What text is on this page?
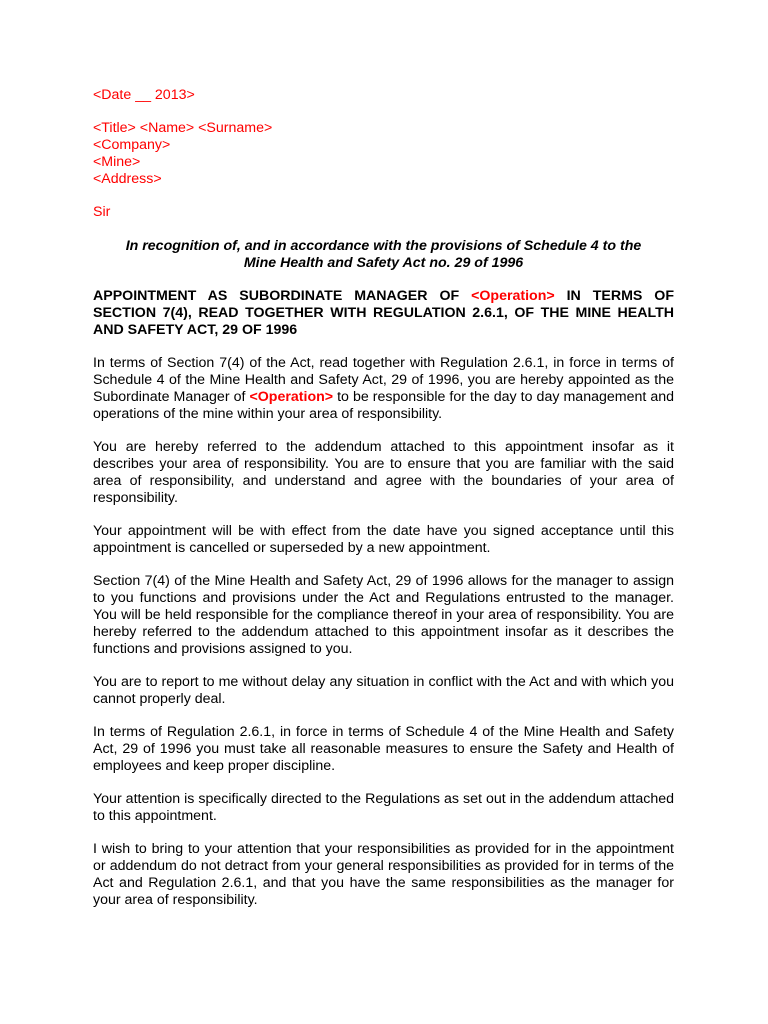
<Date __ 2013>
<Title> <Name> <Surname>
<Company>
<Mine>
<Address>
Sir
In recognition of, and in accordance with the provisions of Schedule 4 to the
Mine Health and Safety Act no. 29 of 1996
APPOINTMENT AS SUBORDINATE MANAGER OF <Operation> IN TERMS OF SECTION 7(4), READ TOGETHER WITH REGULATION 2.6.1, OF THE MINE HEALTH AND SAFETY ACT, 29 OF 1996

In terms of Section 7(4) of the Act, read together with Regulation 2.6.1, in force in terms of Schedule 4 of the Mine Health and Safety Act, 29 of 1996, you are hereby appointed as the Subordinate Manager of <Operation> to be responsible for the day to day management and operations of the mine within your area of responsibility.

You are hereby referred to the addendum attached to this appointment insofar as it describes your area of responsibility. You are to ensure that you are familiar with the said area of responsibility, and understand and agree with the boundaries of your area of responsibility.

Your appointment will be with effect from the date have you signed acceptance until this appointment is cancelled or superseded by a new appointment.

Section 7(4) of the Mine Health and Safety Act, 29 of 1996 allows for the manager to assign to you functions and provisions under the Act and Regulations entrusted to the manager. You will be held responsible for the compliance thereof in your area of responsibility. You are hereby referred to the addendum attached to this appointment insofar as it describes the functions and provisions assigned to you.

You are to report to me without delay any situation in conflict with the Act and with which you cannot properly deal.

In terms of Regulation 2.6.1, in force in terms of Schedule 4 of the Mine Health and Safety Act, 29 of 1996 you must take all reasonable measures to ensure the Safety and Health of employees and keep proper discipline.

Your attention is specifically directed to the Regulations as set out in the addendum attached to this appointment.

I wish to bring to your attention that your responsibilities as provided for in the appointment or addendum do not detract from your general responsibilities as provided for in terms of the Act and Regulation 2.6.1, and that you have the same responsibilities as the manager for your area of responsibility.
